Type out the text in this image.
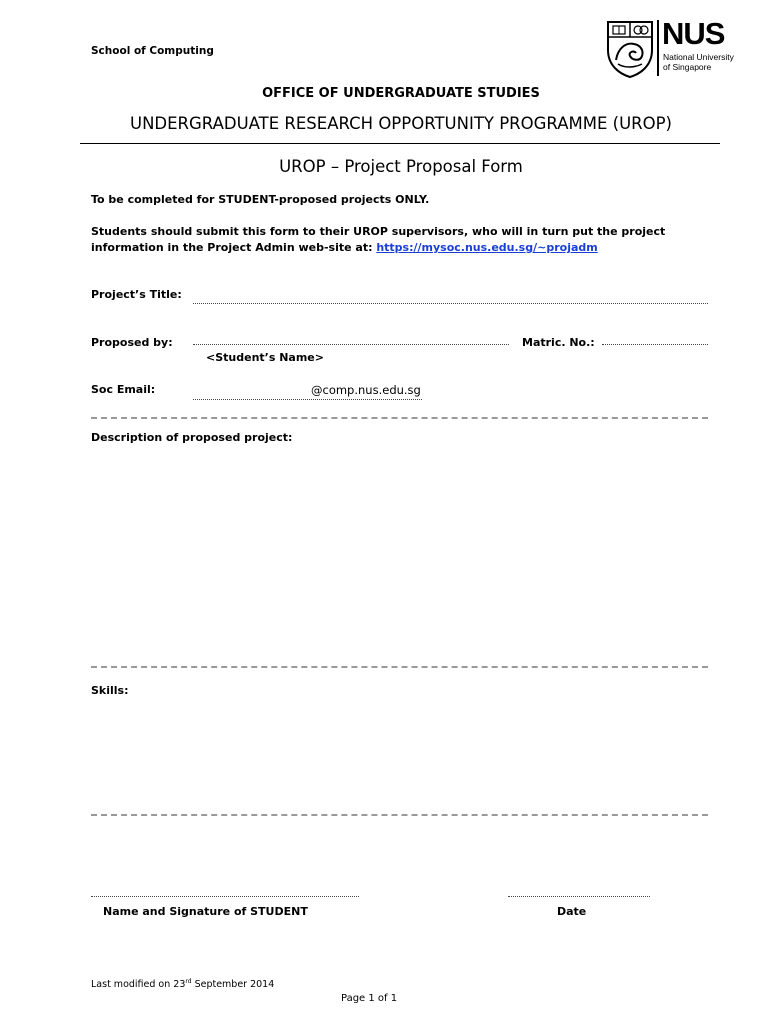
School of Computing	NUS
National University
of Singapore
OFFICE OF UNDERGRADUATE STUDIES
UNDERGRADUATE RESEARCH OPPORTUNITY PROGRAMME (UROP)
UROP – Project Proposal Form
To be completed for STUDENT-proposed projects ONLY.
Students should submit this form to their UROP supervisors, who will in turn put the project
information in the Project Admin web-site at: https://mysoc.nus.edu.sg/~projadm
Project’s Title:
Proposed by:	Matric. No.:
<Student’s Name>
Soc Email:	@comp.nus.edu.sg
Description of proposed project:
Skills:
Name and Signature of STUDENT	Date
Last modified on 23rd September 2014
Page 1 of 1
